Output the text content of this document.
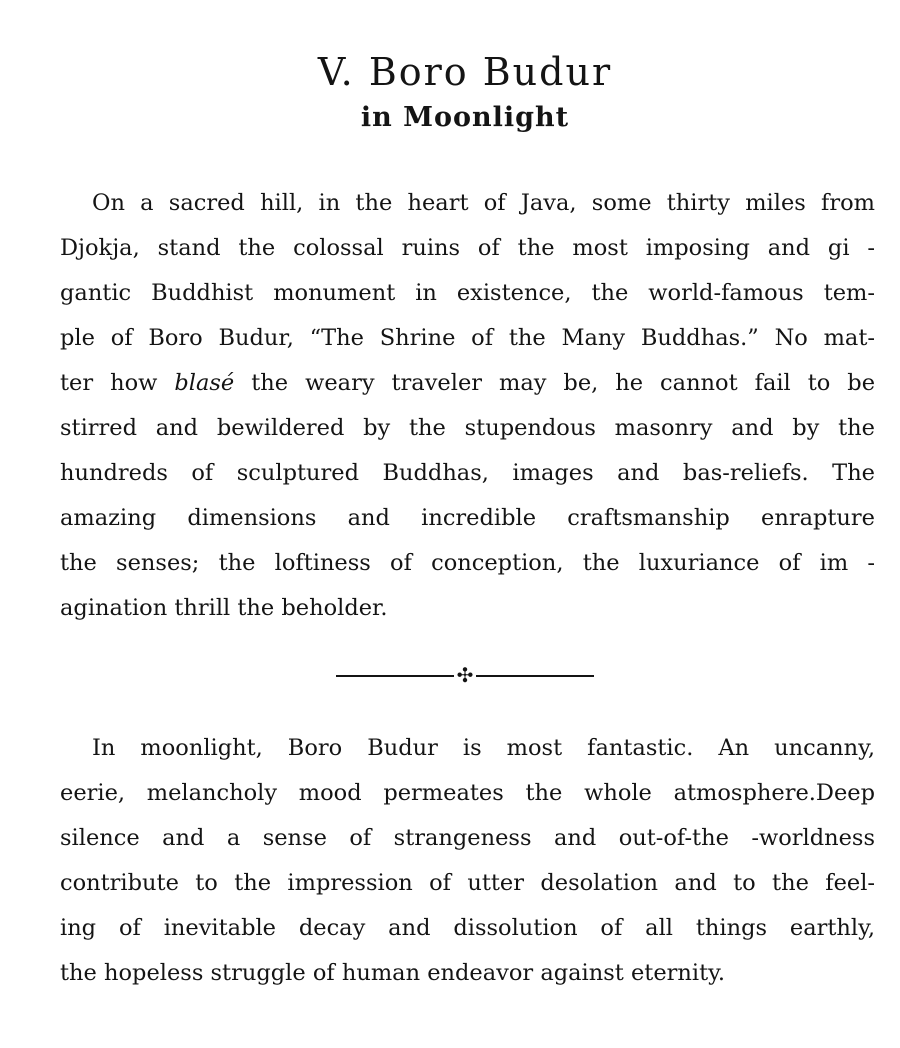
V. Boro Budur
in Moonlight
On a sacred hill, in the heart of Java, some thirty miles from
Djokja, stand the colossal ruins of the most imposing and gi -
gantic Buddhist monument in existence, the world-famous tem-
ple of Boro Budur, “The Shrine of the Many Buddhas.” No mat-
ter how blasé the weary traveler may be, he cannot fail to be
stirred and bewildered by the stupendous masonry and by the
hundreds of sculptured Buddhas, images and bas-reliefs. The
amazing dimensions and incredible craftsmanship enrapture
the senses; the loftiness of conception, the luxuriance of im -
agination thrill the beholder.
✣
In moonlight, Boro Budur is most fantastic. An uncanny,
eerie, melancholy mood permeates the whole atmosphere.Deep
silence and a sense of strangeness and out-of-the -worldness
contribute to the impression of utter desolation and to the feel-
ing of inevitable decay and dissolution of all things earthly,
the hopeless struggle of human endeavor against eternity.
